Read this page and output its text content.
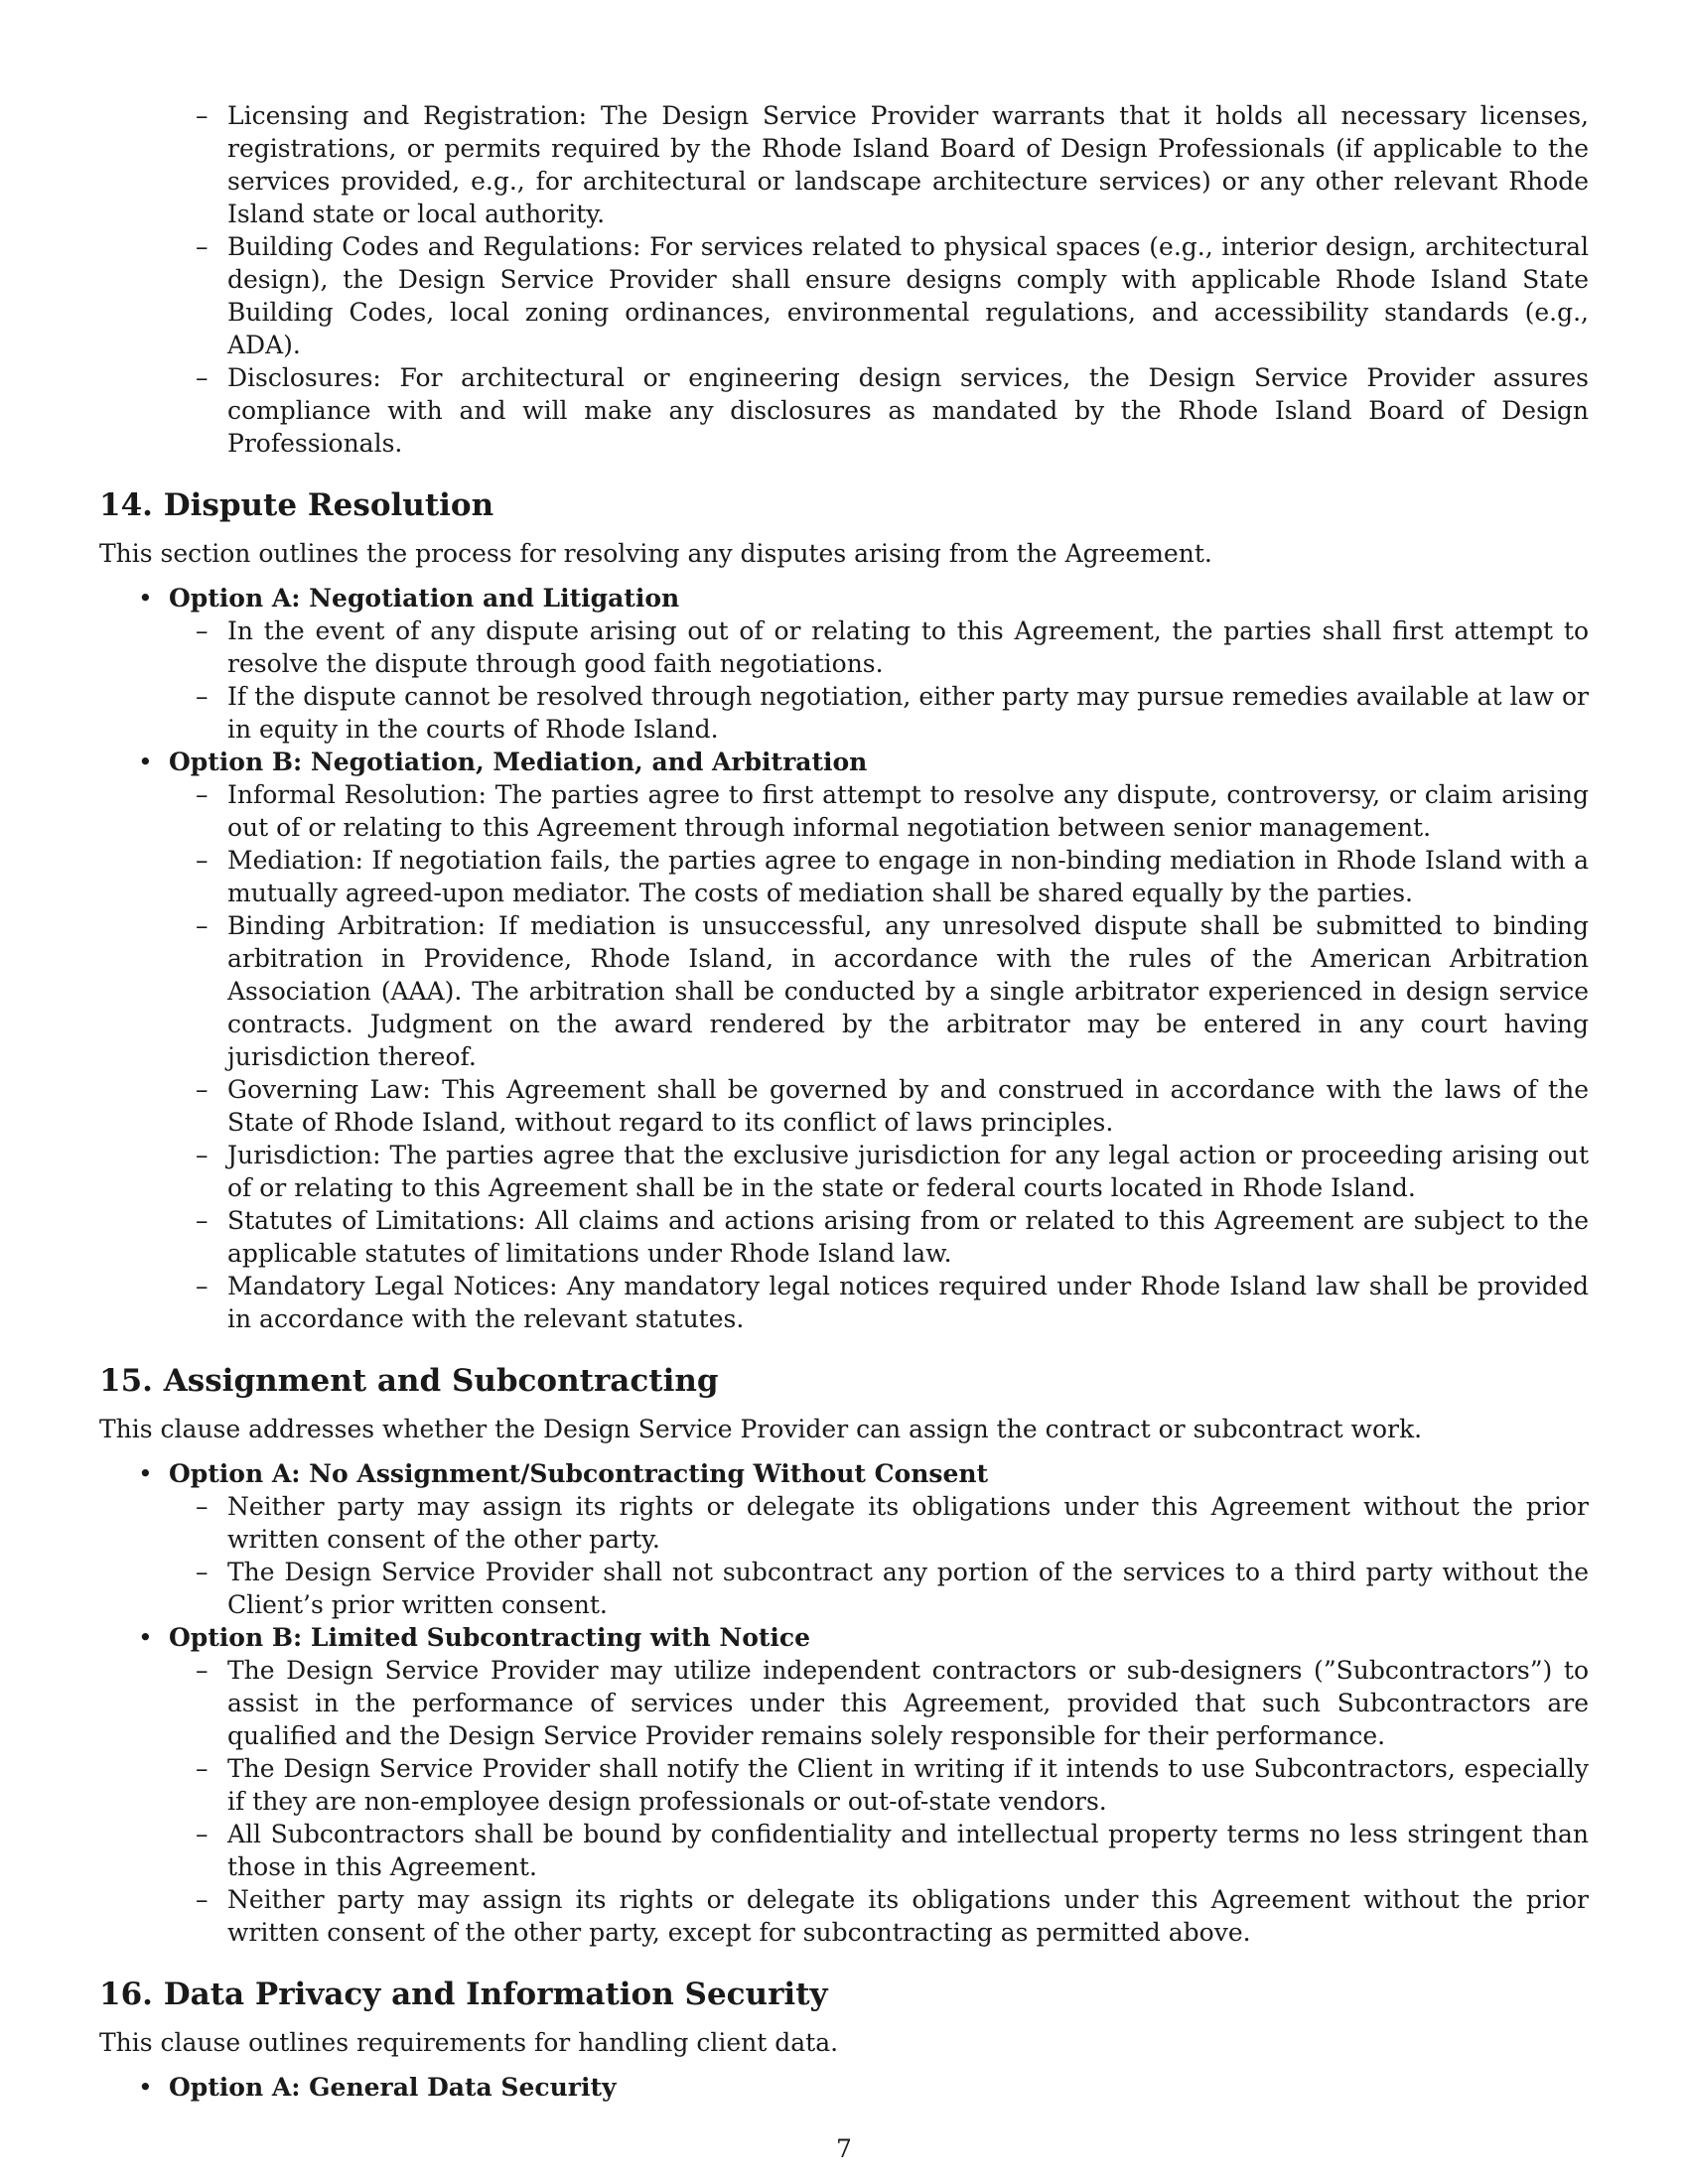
– Licensing and Registration: The Design Service Provider warrants that it holds all necessary licenses, registrations, or permits required by the Rhode Island Board of Design Professionals (if applicable to the services provided, e.g., for architectural or landscape architecture services) or any other relevant Rhode Island state or local authority.
– Building Codes and Regulations: For services related to physical spaces (e.g., interior design, architectural design), the Design Service Provider shall ensure designs comply with applicable Rhode Island State Building Codes, local zoning ordinances, environmental regulations, and accessibility standards (e.g., ADA).
– Disclosures: For architectural or engineering design services, the Design Service Provider assures compliance with and will make any disclosures as mandated by the Rhode Island Board of Design Professionals.
14. Dispute Resolution

This section outlines the process for resolving any disputes arising from the Agreement.

• Option A: Negotiation and Litigation
– In the event of any dispute arising out of or relating to this Agreement, the parties shall first attempt to resolve the dispute through good faith negotiations.
– If the dispute cannot be resolved through negotiation, either party may pursue remedies available at law or in equity in the courts of Rhode Island.
• Option B: Negotiation, Mediation, and Arbitration
– Informal Resolution: The parties agree to first attempt to resolve any dispute, controversy, or claim arising out of or relating to this Agreement through informal negotiation between senior management.
– Mediation: If negotiation fails, the parties agree to engage in non-binding mediation in Rhode Island with a mutually agreed-upon mediator. The costs of mediation shall be shared equally by the parties.
– Binding Arbitration: If mediation is unsuccessful, any unresolved dispute shall be submitted to binding arbitration in Providence, Rhode Island, in accordance with the rules of the American Arbitration Association (AAA). The arbitration shall be conducted by a single arbitrator experienced in design service contracts. Judgment on the award rendered by the arbitrator may be entered in any court having jurisdiction thereof.
– Governing Law: This Agreement shall be governed by and construed in accordance with the laws of the State of Rhode Island, without regard to its conflict of laws principles.
– Jurisdiction: The parties agree that the exclusive jurisdiction for any legal action or proceeding arising out of or relating to this Agreement shall be in the state or federal courts located in Rhode Island.
– Statutes of Limitations: All claims and actions arising from or related to this Agreement are subject to the applicable statutes of limitations under Rhode Island law.
– Mandatory Legal Notices: Any mandatory legal notices required under Rhode Island law shall be provided in accordance with the relevant statutes.
15. Assignment and Subcontracting

This clause addresses whether the Design Service Provider can assign the contract or subcontract work.

• Option A: No Assignment/Subcontracting Without Consent
– Neither party may assign its rights or delegate its obligations under this Agreement without the prior written consent of the other party.
– The Design Service Provider shall not subcontract any portion of the services to a third party without the Client’s prior written consent.
• Option B: Limited Subcontracting with Notice
– The Design Service Provider may utilize independent contractors or sub-designers (”Subcontractors”) to assist in the performance of services under this Agreement, provided that such Subcontractors are qualified and the Design Service Provider remains solely responsible for their performance.
– The Design Service Provider shall notify the Client in writing if it intends to use Subcontractors, especially if they are non-employee design professionals or out-of-state vendors.
– All Subcontractors shall be bound by confidentiality and intellectual property terms no less stringent than those in this Agreement.
– Neither party may assign its rights or delegate its obligations under this Agreement without the prior written consent of the other party, except for subcontracting as permitted above.
16. Data Privacy and Information Security

This clause outlines requirements for handling client data.

• Option A: General Data Security
7
